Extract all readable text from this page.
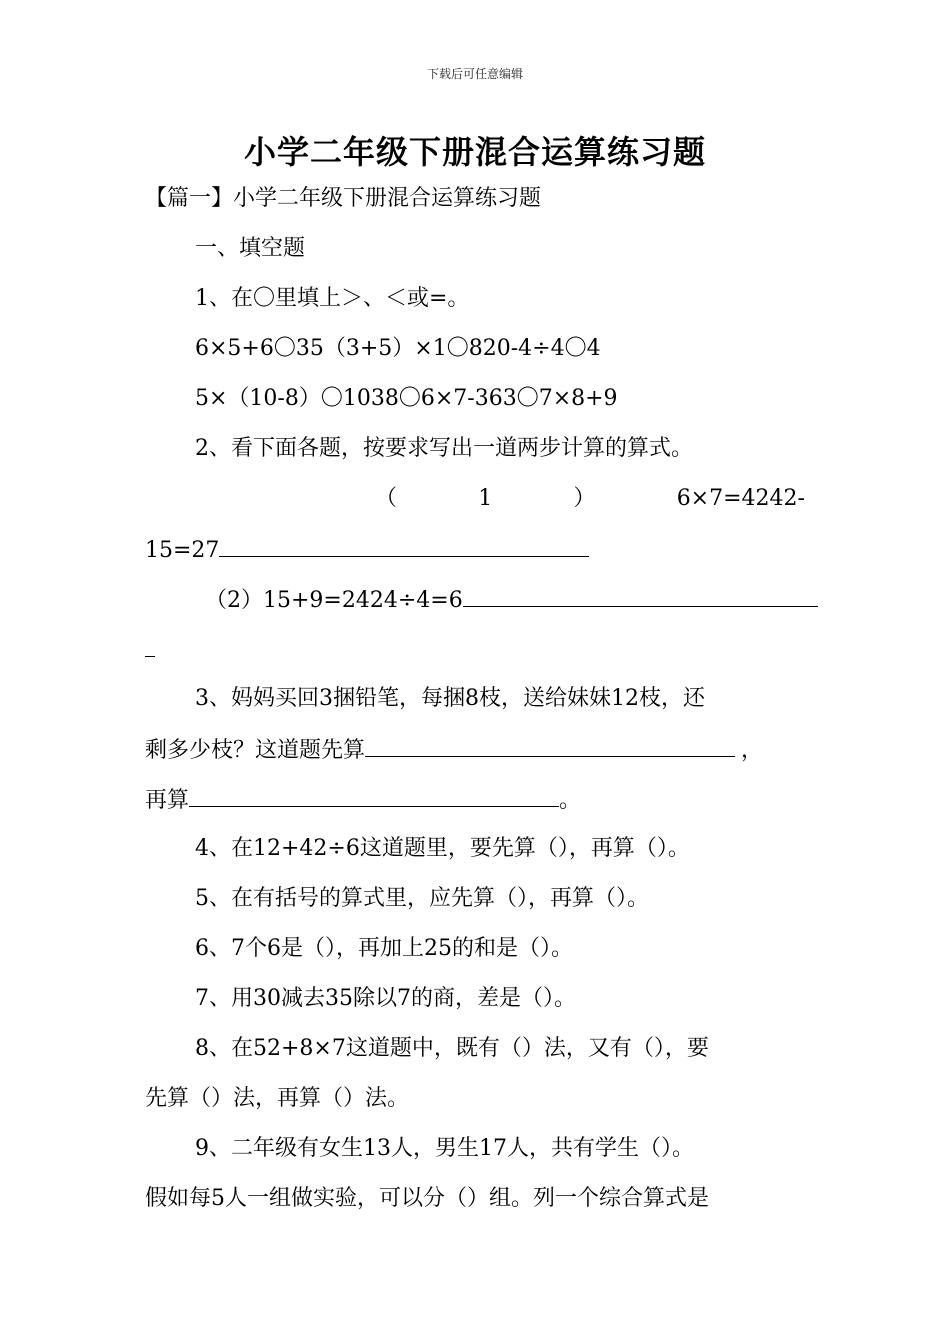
下载后可任意编辑
小学二年级下册混合运算练习题
【篇一】小学二年级下册混合运算练习题
一、填空题
1、在〇里填上＞、＜或=。
6×5+6〇35（3+5）×1〇820-4÷4〇4
5×（10-8）〇1038〇6×7-363〇7×8+9
2、看下面各题，按要求写出一道两步计算的算式。
（	1	）	6×7=4242-
15=27
（2）15+9=2424÷4=6
3、妈妈买回3捆铅笔，每捆8枝，送给妹妹12枝，还
剩多少枝？这道题先算	，
再算	。
4、在12+42÷6这道题里，要先算（），再算（）。
5、在有括号的算式里，应先算（），再算（）。
6、7个6是（），再加上25的和是（）。
7、用30减去35除以7的商，差是（）。
8、在52+8×7这道题中，既有（）法，又有（），要
先算（）法，再算（）法。
9、二年级有女生13人，男生17人，共有学生（）。
假如每5人一组做实验，可以分（）组。列一个综合算式是
